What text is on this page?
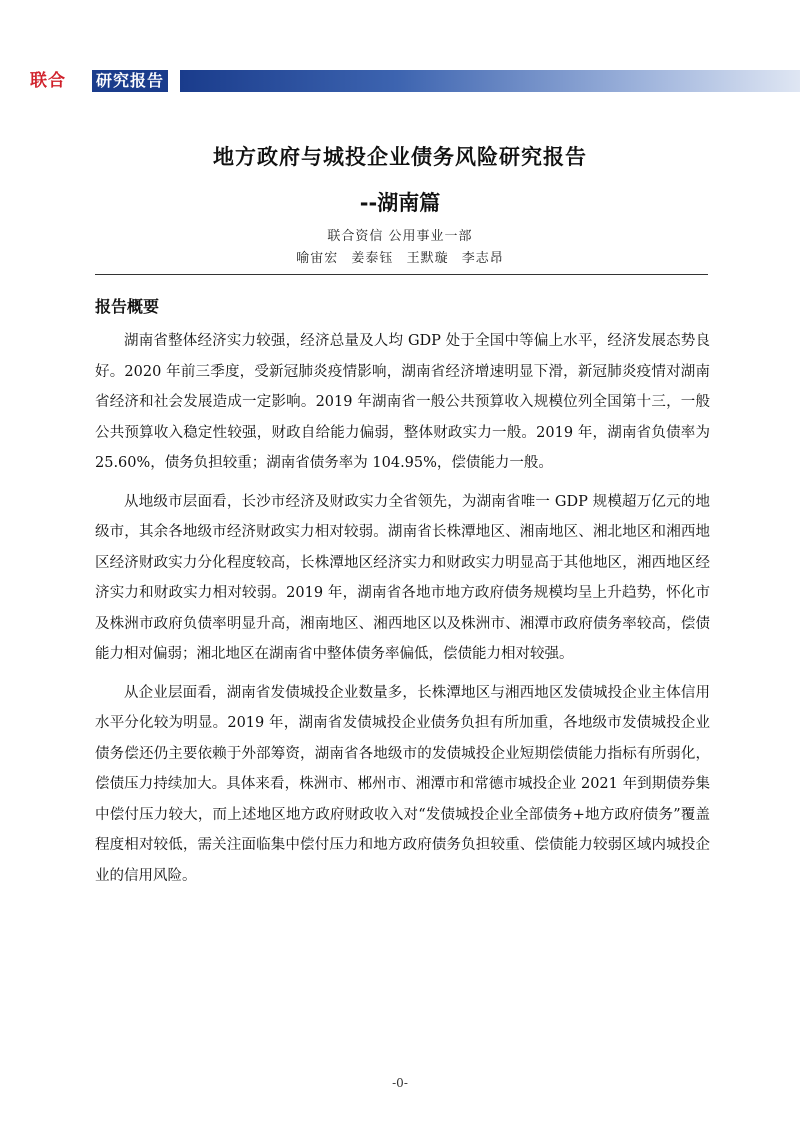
联合 研究报告
地方政府与城投企业债务风险研究报告
--湖南篇
联合资信 公用事业一部
喻宙宏 姜泰钰 王默璇 李志昂
报告概要

湖南省整体经济实力较强，经济总量及人均 GDP 处于全国中等偏上水平，经济发展态势良好。2020 年前三季度，受新冠肺炎疫情影响，湖南省经济增速明显下滑，新冠肺炎疫情对湖南省经济和社会发展造成一定影响。2019 年湖南省一般公共预算收入规模位列全国第十三，一般公共预算收入稳定性较强，财政自给能力偏弱，整体财政实力一般。2019 年，湖南省负债率为 25.60%，债务负担较重；湖南省债务率为 104.95%，偿债能力一般。

从地级市层面看，长沙市经济及财政实力全省领先，为湖南省唯一 GDP 规模超万亿元的地级市，其余各地级市经济财政实力相对较弱。湖南省长株潭地区、湘南地区、湘北地区和湘西地区经济财政实力分化程度较高，长株潭地区经济实力和财政实力明显高于其他地区，湘西地区经济实力和财政实力相对较弱。2019 年，湖南省各地市地方政府债务规模均呈上升趋势，怀化市及株洲市政府负债率明显升高，湘南地区、湘西地区以及株洲市、湘潭市政府债务率较高，偿债能力相对偏弱；湘北地区在湖南省中整体债务率偏低，偿债能力相对较强。

从企业层面看，湖南省发债城投企业数量多，长株潭地区与湘西地区发债城投企业主体信用水平分化较为明显。2019 年，湖南省发债城投企业债务负担有所加重，各地级市发债城投企业债务偿还仍主要依赖于外部筹资，湖南省各地级市的发债城投企业短期偿债能力指标有所弱化，偿债压力持续加大。具体来看，株洲市、郴州市、湘潭市和常德市城投企业 2021 年到期债券集中偿付压力较大，而上述地区地方政府财政收入对“发债城投企业全部债务+地方政府债务”覆盖程度相对较低，需关注面临集中偿付压力和地方政府债务负担较重、偿债能力较弱区域内城投企业的信用风险。

-0-
